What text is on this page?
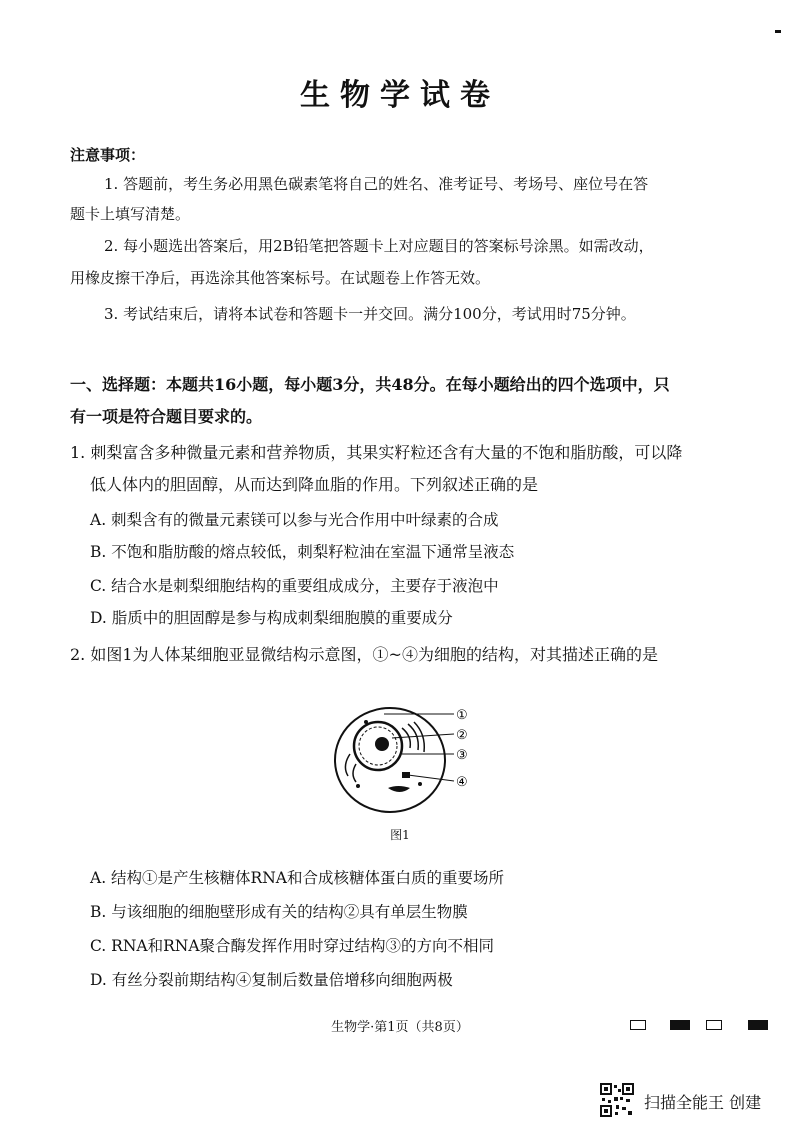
生物学试卷
注意事项：
1. 答题前，考生务必用黑色碳素笔将自己的姓名、准考证号、考场号、座位号在答
题卡上填写清楚。
2. 每小题选出答案后，用2B铅笔把答题卡上对应题目的答案标号涂黑。如需改动，
用橡皮擦干净后，再选涂其他答案标号。在试题卷上作答无效。
3. 考试结束后，请将本试卷和答题卡一并交回。满分100分，考试用时75分钟。
一、选择题：本题共16小题，每小题3分，共48分。在每小题给出的四个选项中，只
有一项是符合题目要求的。
1. 刺梨富含多种微量元素和营养物质，其果实籽粒还含有大量的不饱和脂肪酸，可以降
低人体内的胆固醇，从而达到降血脂的作用。下列叙述正确的是
A. 刺梨含有的微量元素镁可以参与光合作用中叶绿素的合成
B. 不饱和脂肪酸的熔点较低，刺梨籽粒油在室温下通常呈液态
C. 结合水是刺梨细胞结构的重要组成成分，主要存于液泡中
D. 脂质中的胆固醇是参与构成刺梨细胞膜的重要成分
2. 如图1为人体某细胞亚显微结构示意图，①~④为细胞的结构，对其描述正确的是
①
②
③
④
图1
A. 结构①是产生核糖体RNA和合成核糖体蛋白质的重要场所
B. 与该细胞的细胞壁形成有关的结构②具有单层生物膜
C. RNA和RNA聚合酶发挥作用时穿过结构③的方向不相同
D. 有丝分裂前期结构④复制后数量倍增移向细胞两极
生物学·第1页（共8页）
扫描全能王 创建
